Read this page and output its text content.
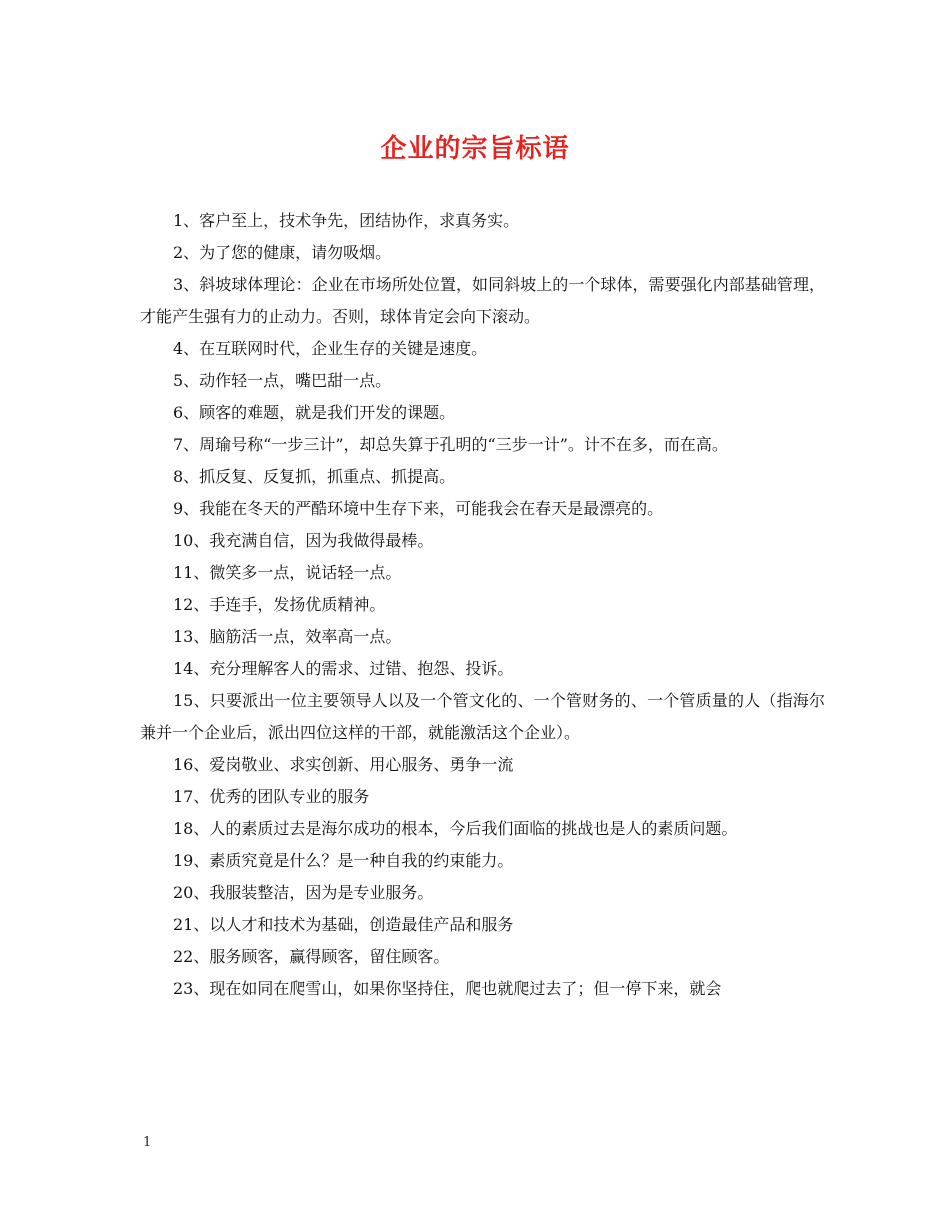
企业的宗旨标语

1、客户至上，技术争先，团结协作，求真务实。

2、为了您的健康，请勿吸烟。

3、斜坡球体理论：企业在市场所处位置，如同斜坡上的一个球体，需要强化内部基础管理，才能产生强有力的止动力。否则，球体肯定会向下滚动。

4、在互联网时代，企业生存的关键是速度。

5、动作轻一点，嘴巴甜一点。

6、顾客的难题，就是我们开发的课题。

7、周瑜号称“一步三计”，却总失算于孔明的“三步一计”。计不在多，而在高。

8、抓反复、反复抓，抓重点、抓提高。

9、我能在冬天的严酷环境中生存下来，可能我会在春天是最漂亮的。

10、我充满自信，因为我做得最棒。

11、微笑多一点，说话轻一点。

12、手连手，发扬优质精神。

13、脑筋活一点，效率高一点。

14、充分理解客人的需求、过错、抱怨、投诉。

15、只要派出一位主要领导人以及一个管文化的、一个管财务的、一个管质量的人（指海尔兼并一个企业后，派出四位这样的干部，就能激活这个企业）。

16、爱岗敬业、求实创新、用心服务、勇争一流

17、优秀的团队专业的服务

18、人的素质过去是海尔成功的根本，今后我们面临的挑战也是人的素质问题。

19、素质究竟是什么？是一种自我的约束能力。

20、我服装整洁，因为是专业服务。

21、以人才和技术为基础，创造最佳产品和服务

22、服务顾客，赢得顾客，留住顾客。

23、现在如同在爬雪山，如果你坚持住，爬也就爬过去了；但一停下来，就会

1
